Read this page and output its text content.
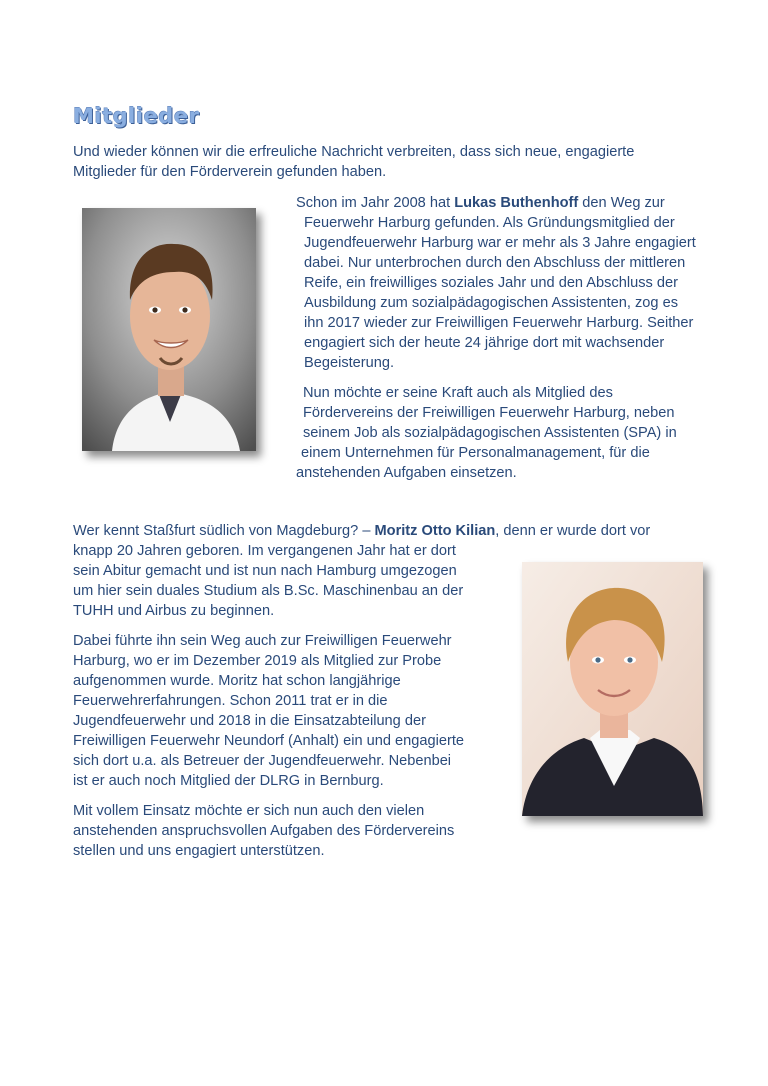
Mitglieder

Und wieder können wir die erfreuliche Nachricht verbreiten, dass sich neue, engagierte Mitglieder für den Förderverein gefunden haben.

Schon im Jahr 2008 hat Lukas Buthenhoff den Weg zur

Feuerwehr Harburg gefunden. Als Gründungsmitglied der

Jugendfeuerwehr Harburg war er mehr als 3 Jahre engagiert

dabei. Nur unterbrochen durch den Abschluss der mittleren

Reife, ein freiwilliges soziales Jahr und den Abschluss der

Ausbildung zum sozialpädagogischen Assistenten, zog es

ihn 2017 wieder zur Freiwilligen Feuerwehr Harburg. Seither

engagiert sich der heute 24 jährige dort mit wachsender

Begeisterung.

Nun möchte er seine Kraft auch als Mitglied des

Fördervereins der Freiwilligen Feuerwehr Harburg, neben

seinem Job als sozialpädagogischen Assistenten (SPA) in

einem Unternehmen für Personalmanagement, für die

anstehenden Aufgaben einsetzen.

Wer kennt Staßfurt südlich von Magdeburg? – Moritz Otto Kilian, denn er wurde dort vor

knapp 20 Jahren geboren. Im vergangenen Jahr hat er dort

sein Abitur gemacht und ist nun nach Hamburg umgezogen

um hier sein duales Studium als B.Sc. Maschinenbau an der

TUHH und Airbus zu beginnen.

Dabei führte ihn sein Weg auch zur Freiwilligen Feuerwehr

Harburg, wo er im Dezember 2019 als Mitglied zur Probe

aufgenommen wurde. Moritz hat schon langjährige

Feuerwehrerfahrungen. Schon 2011 trat er in die

Jugendfeuerwehr und 2018 in die Einsatzabteilung der

Freiwilligen Feuerwehr Neundorf (Anhalt) ein und engagierte

sich dort u.a. als Betreuer der Jugendfeuerwehr. Nebenbei

ist er auch noch Mitglied der DLRG in Bernburg.

Mit vollem Einsatz möchte er sich nun auch den vielen

anstehenden anspruchsvollen Aufgaben des Fördervereins

stellen und uns engagiert unterstützen.
